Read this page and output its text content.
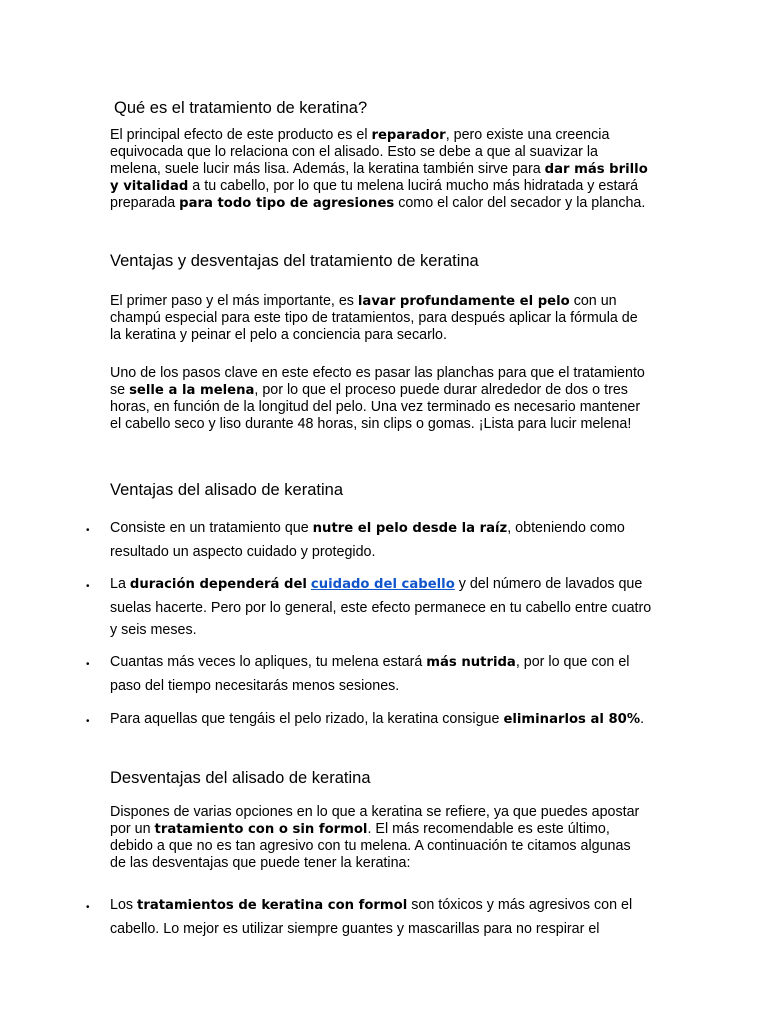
Qué es el tratamiento de keratina?
El principal efecto de este producto es el reparador, pero existe una creencia equivocada que lo relaciona con el alisado. Esto se debe a que al suavizar la melena, suele lucir más lisa. Además, la keratina también sirve para dar más brillo y vitalidad a tu cabello, por lo que tu melena lucirá mucho más hidratada y estará preparada para todo tipo de agresiones como el calor del secador y la plancha.
Ventajas y desventajas del tratamiento de keratina
El primer paso y el más importante, es lavar profundamente el pelo con un champú especial para este tipo de tratamientos, para después aplicar la fórmula de la keratina y peinar el pelo a conciencia para secarlo.
Uno de los pasos clave en este efecto es pasar las planchas para que el tratamiento se selle a la melena, por lo que el proceso puede durar alrededor de dos o tres horas, en función de la longitud del pelo. Una vez terminado es necesario mantener el cabello seco y liso durante 48 horas, sin clips o gomas. ¡Lista para lucir melena!
Ventajas del alisado de keratina
• Consiste en un tratamiento que nutre el pelo desde la raíz, obteniendo como resultado un aspecto cuidado y protegido.
• La duración dependerá del cuidado del cabello y del número de lavados que suelas hacerte. Pero por lo general, este efecto permanece en tu cabello entre cuatro y seis meses.
• Cuantas más veces lo apliques, tu melena estará más nutrida, por lo que con el paso del tiempo necesitarás menos sesiones.
• Para aquellas que tengáis el pelo rizado, la keratina consigue eliminarlos al 80%.
Desventajas del alisado de keratina
Dispones de varias opciones en lo que a keratina se refiere, ya que puedes apostar por un tratamiento con o sin formol. El más recomendable es este último, debido a que no es tan agresivo con tu melena. A continuación te citamos algunas de las desventajas que puede tener la keratina:
• Los tratamientos de keratina con formol son tóxicos y más agresivos con el cabello. Lo mejor es utilizar siempre guantes y mascarillas para no respirar el
